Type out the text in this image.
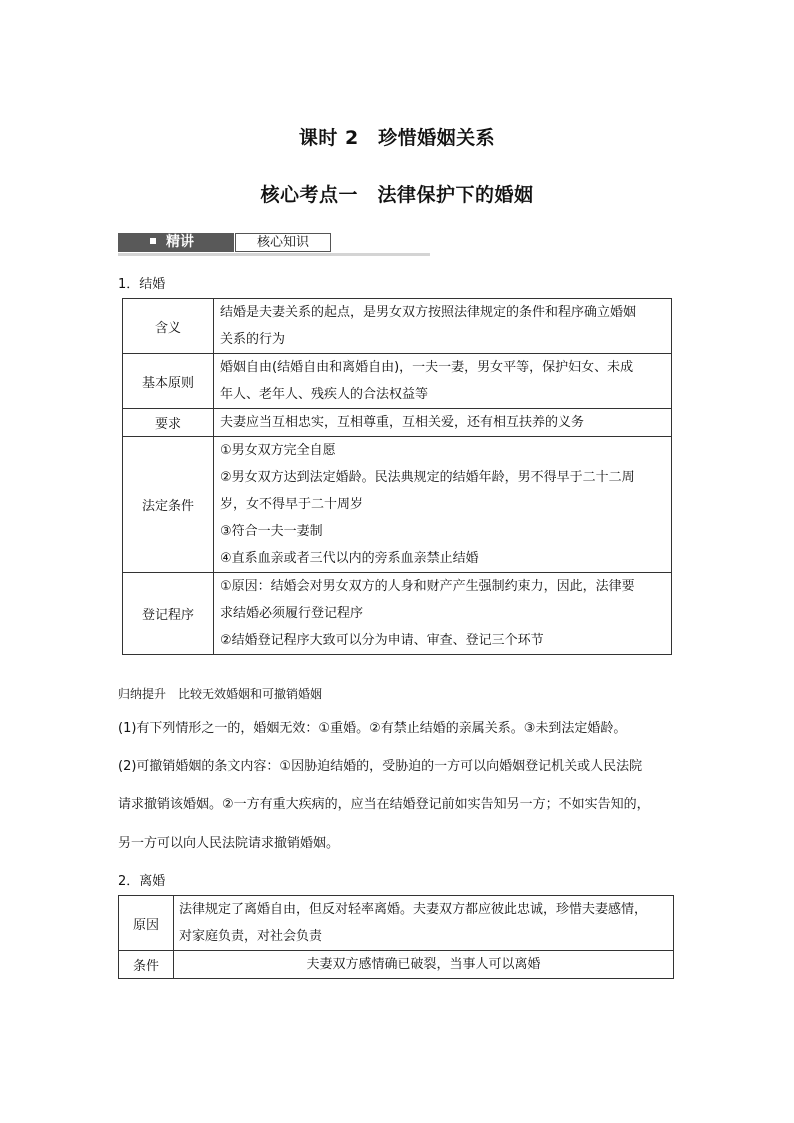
课时 2　珍惜婚姻关系
核心考点一　法律保护下的婚姻
精讲	核心知识
1．结婚
含义	结婚是夫妻关系的起点，是男女双方按照法律规定的条件和程序确立婚姻
关系的行为

基本原则	婚姻自由(结婚自由和离婚自由)，一夫一妻，男女平等，保护妇女、未成
年人、老年人、残疾人的合法权益等

要求	夫妻应当互相忠实，互相尊重，互相关爱，还有相互扶养的义务

法定条件	①男女双方完全自愿
②男女双方达到法定婚龄。民法典规定的结婚年龄，男不得早于二十二周
岁，女不得早于二十周岁
③符合一夫一妻制
④直系血亲或者三代以内的旁系血亲禁止结婚

登记程序	①原因：结婚会对男女双方的人身和财产产生强制约束力，因此，法律要
求结婚必须履行登记程序
②结婚登记程序大致可以分为申请、审查、登记三个环节
归纳提升　比较无效婚姻和可撤销婚姻
(1)有下列情形之一的，婚姻无效：①重婚。②有禁止结婚的亲属关系。③未到法定婚龄。
(2)可撤销婚姻的条文内容：①因胁迫结婚的，受胁迫的一方可以向婚姻登记机关或人民法院
请求撤销该婚姻。②一方有重大疾病的，应当在结婚登记前如实告知另一方；不如实告知的，
另一方可以向人民法院请求撤销婚姻。
2．离婚
原因	法律规定了离婚自由，但反对轻率离婚。夫妻双方都应彼此忠诚，珍惜夫妻感情，
对家庭负责，对社会负责

条件	夫妻双方感情确已破裂，当事人可以离婚
